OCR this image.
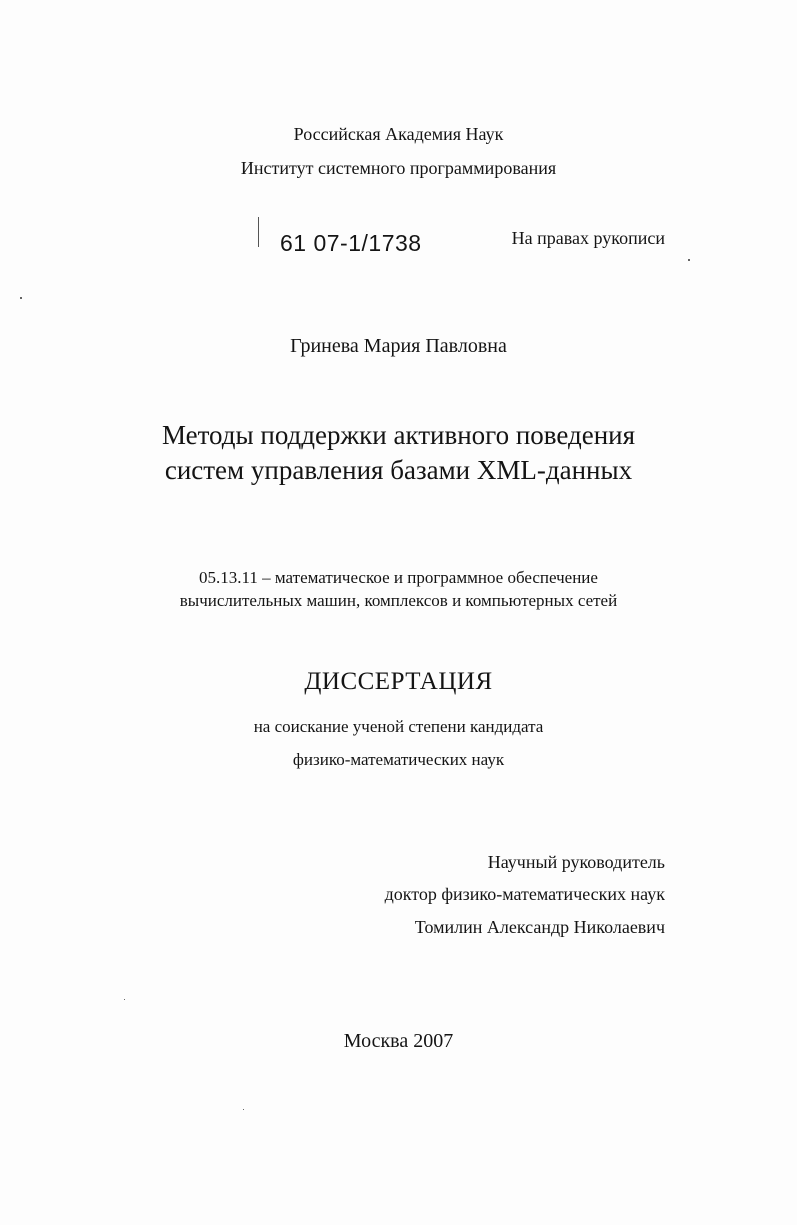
Российская Академия Наук
Институт системного программирования
61 07-1/1738	На правах рукописи
Гринева Мария Павловна
Методы поддержки активного поведения
систем управления базами XML-данных
05.13.11 – математическое и программное обеспечение
вычислительных машин, комплексов и компьютерных сетей
ДИССЕРТАЦИЯ
на соискание ученой степени кандидата
физико-математических наук
Научный руководитель
доктор физико-математических наук
Томилин Александр Николаевич
Москва 2007
